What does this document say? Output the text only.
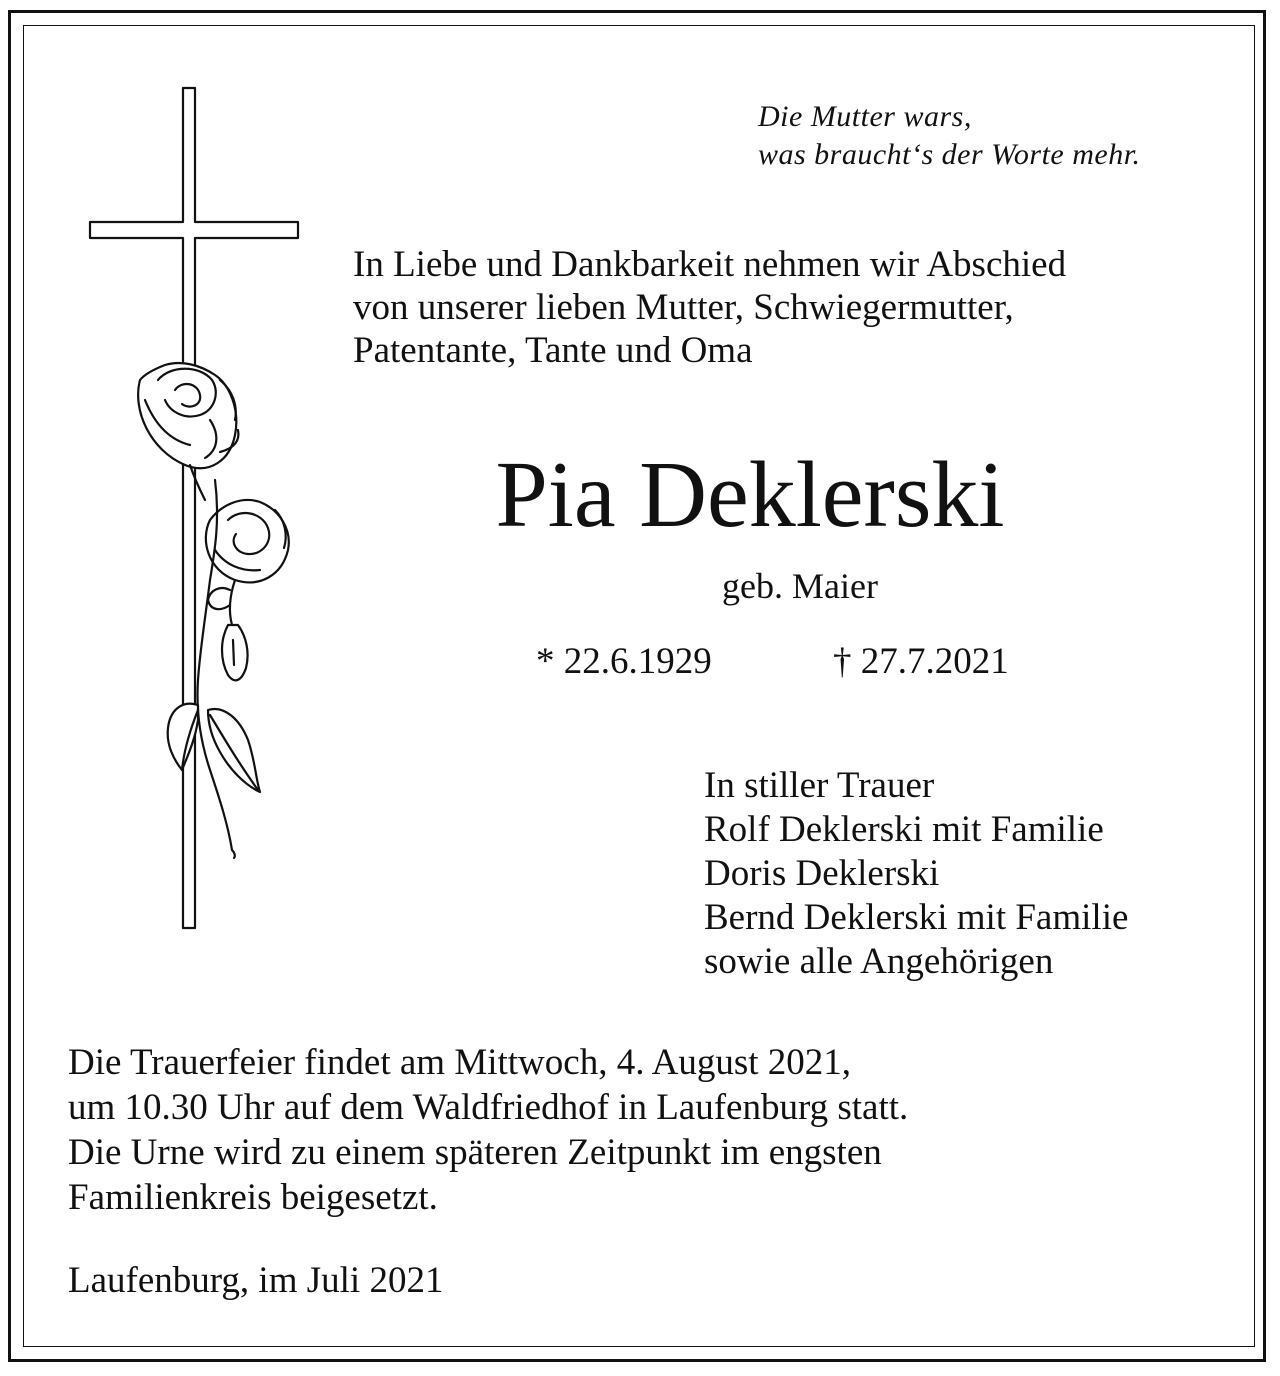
Die Mutter wars,
was braucht‘s der Worte mehr.
In Liebe und Dankbarkeit nehmen wir Abschied
von unserer lieben Mutter, Schwiegermutter,
Patentante, Tante und Oma
Pia Deklerski
geb. Maier
* 22.6.1929	† 27.7.2021
In stiller Trauer
Rolf Deklerski mit Familie
Doris Deklerski
Bernd Deklerski mit Familie
sowie alle Angehörigen
Die Trauerfeier findet am Mittwoch, 4. August 2021,
um 10.30 Uhr auf dem Waldfriedhof in Laufenburg statt.
Die Urne wird zu einem späteren Zeitpunkt im engsten
Familienkreis beigesetzt.
Laufenburg, im Juli 2021
